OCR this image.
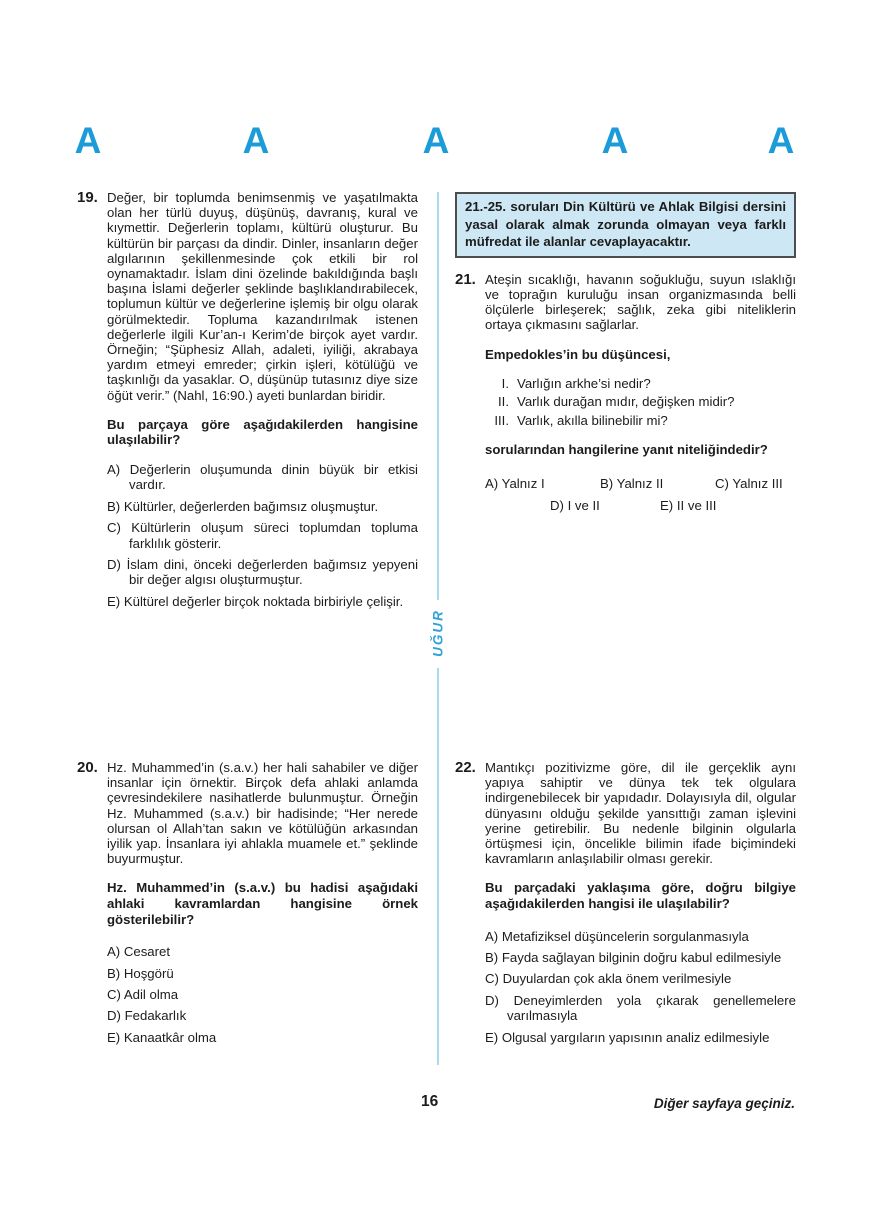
A	A	A	A	A
UĞUR
19. Değer, bir toplumda benimsenmiş ve yaşatılmakta olan her türlü duyuş, düşünüş, davranış, kural ve kıymettir. Değerlerin toplamı, kültürü oluşturur. Bu kültürün bir parçası da dindir. Dinler, insanların değer algılarının şekillenmesinde çok etkili bir rol oynamaktadır. İslam dini özelinde bakıldığında başlı başına İslami değerler şeklinde başlıklandırabilecek, toplumun kültür ve değerlerine işlemiş bir olgu olarak görülmektedir. Topluma kazandırılmak istenen değerlerle ilgili Kur’an-ı Kerim’de birçok ayet vardır. Örneğin; “Şüphesiz Allah, adaleti, iyiliği, akrabaya yardım etmeyi emreder; çirkin işleri, kötülüğü ve taşkınlığı da yasaklar. O, düşünüp tutasınız diye size öğüt verir.” (Nahl, 16:90.) ayeti bunlardan biridir.
Bu parçaya göre aşağıdakilerden hangisine ulaşılabilir?
A) Değerlerin oluşumunda dinin büyük bir etkisi vardır.
B) Kültürler, değerlerden bağımsız oluşmuştur.
C) Kültürlerin oluşum süreci toplumdan topluma farklılık gösterir.
D) İslam dini, önceki değerlerden bağımsız yepyeni bir değer algısı oluşturmuştur.
E) Kültürel değerler birçok noktada birbiriyle çelişir.
20. Hz. Muhammed’in (s.a.v.) her hali sahabiler ve diğer insanlar için örnektir. Birçok defa ahlaki anlamda çevresindekilere nasihatlerde bulunmuştur. Örneğin Hz. Muhammed (s.a.v.) bir hadisinde; “Her nerede olursan ol Allah’tan sakın ve kötülüğün arkasından iyilik yap. İnsanlara iyi ahlakla muamele et.” şeklinde buyurmuştur.
Hz. Muhammed’in (s.a.v.) bu hadisi aşağıdaki ahlaki kavramlardan hangisine örnek gösterilebilir?
A) Cesaret
B) Hoşgörü
C) Adil olma
D) Fedakarlık
E) Kanaatkâr olma
21.-25. soruları Din Kültürü ve Ahlak Bilgisi dersini yasal olarak almak zorunda olmayan veya farklı müfredat ile alanlar cevaplayacaktır.
21. Ateşin sıcaklığı, havanın soğukluğu, suyun ıslaklığı ve toprağın kuruluğu insan organizmasında belli ölçülerle birleşerek; sağlık, zeka gibi niteliklerin ortaya çıkmasını sağlarlar.
Empedokles’in bu düşüncesi,
I. Varlığın arkhe’si nedir?
II. Varlık durağan mıdır, değişken midir?
III. Varlık, akılla bilinebilir mi?
sorularından hangilerine yanıt niteliğindedir?
A) Yalnız I	B) Yalnız II	C) Yalnız III
D) I ve II	E) II ve III
22. Mantıkçı pozitivizme göre, dil ile gerçeklik aynı yapıya sahiptir ve dünya tek tek olgulara indirgenebilecek bir yapıdadır. Dolayısıyla dil, olgular dünyasını olduğu şekilde yansıttığı zaman işlevini yerine getirebilir. Bu nedenle bilginin olgularla örtüşmesi için, öncelikle bilimin ifade biçimindeki kavramların anlaşılabilir olması gerekir.
Bu parçadaki yaklaşıma göre, doğru bilgiye aşağıdakilerden hangisi ile ulaşılabilir?
A) Metafiziksel düşüncelerin sorgulanmasıyla
B) Fayda sağlayan bilginin doğru kabul edilmesiyle
C) Duyulardan çok akla önem verilmesiyle
D) Deneyimlerden yola çıkarak genellemelere varılmasıyla
E) Olgusal yargıların yapısının analiz edilmesiyle
16	Diğer sayfaya geçiniz.
